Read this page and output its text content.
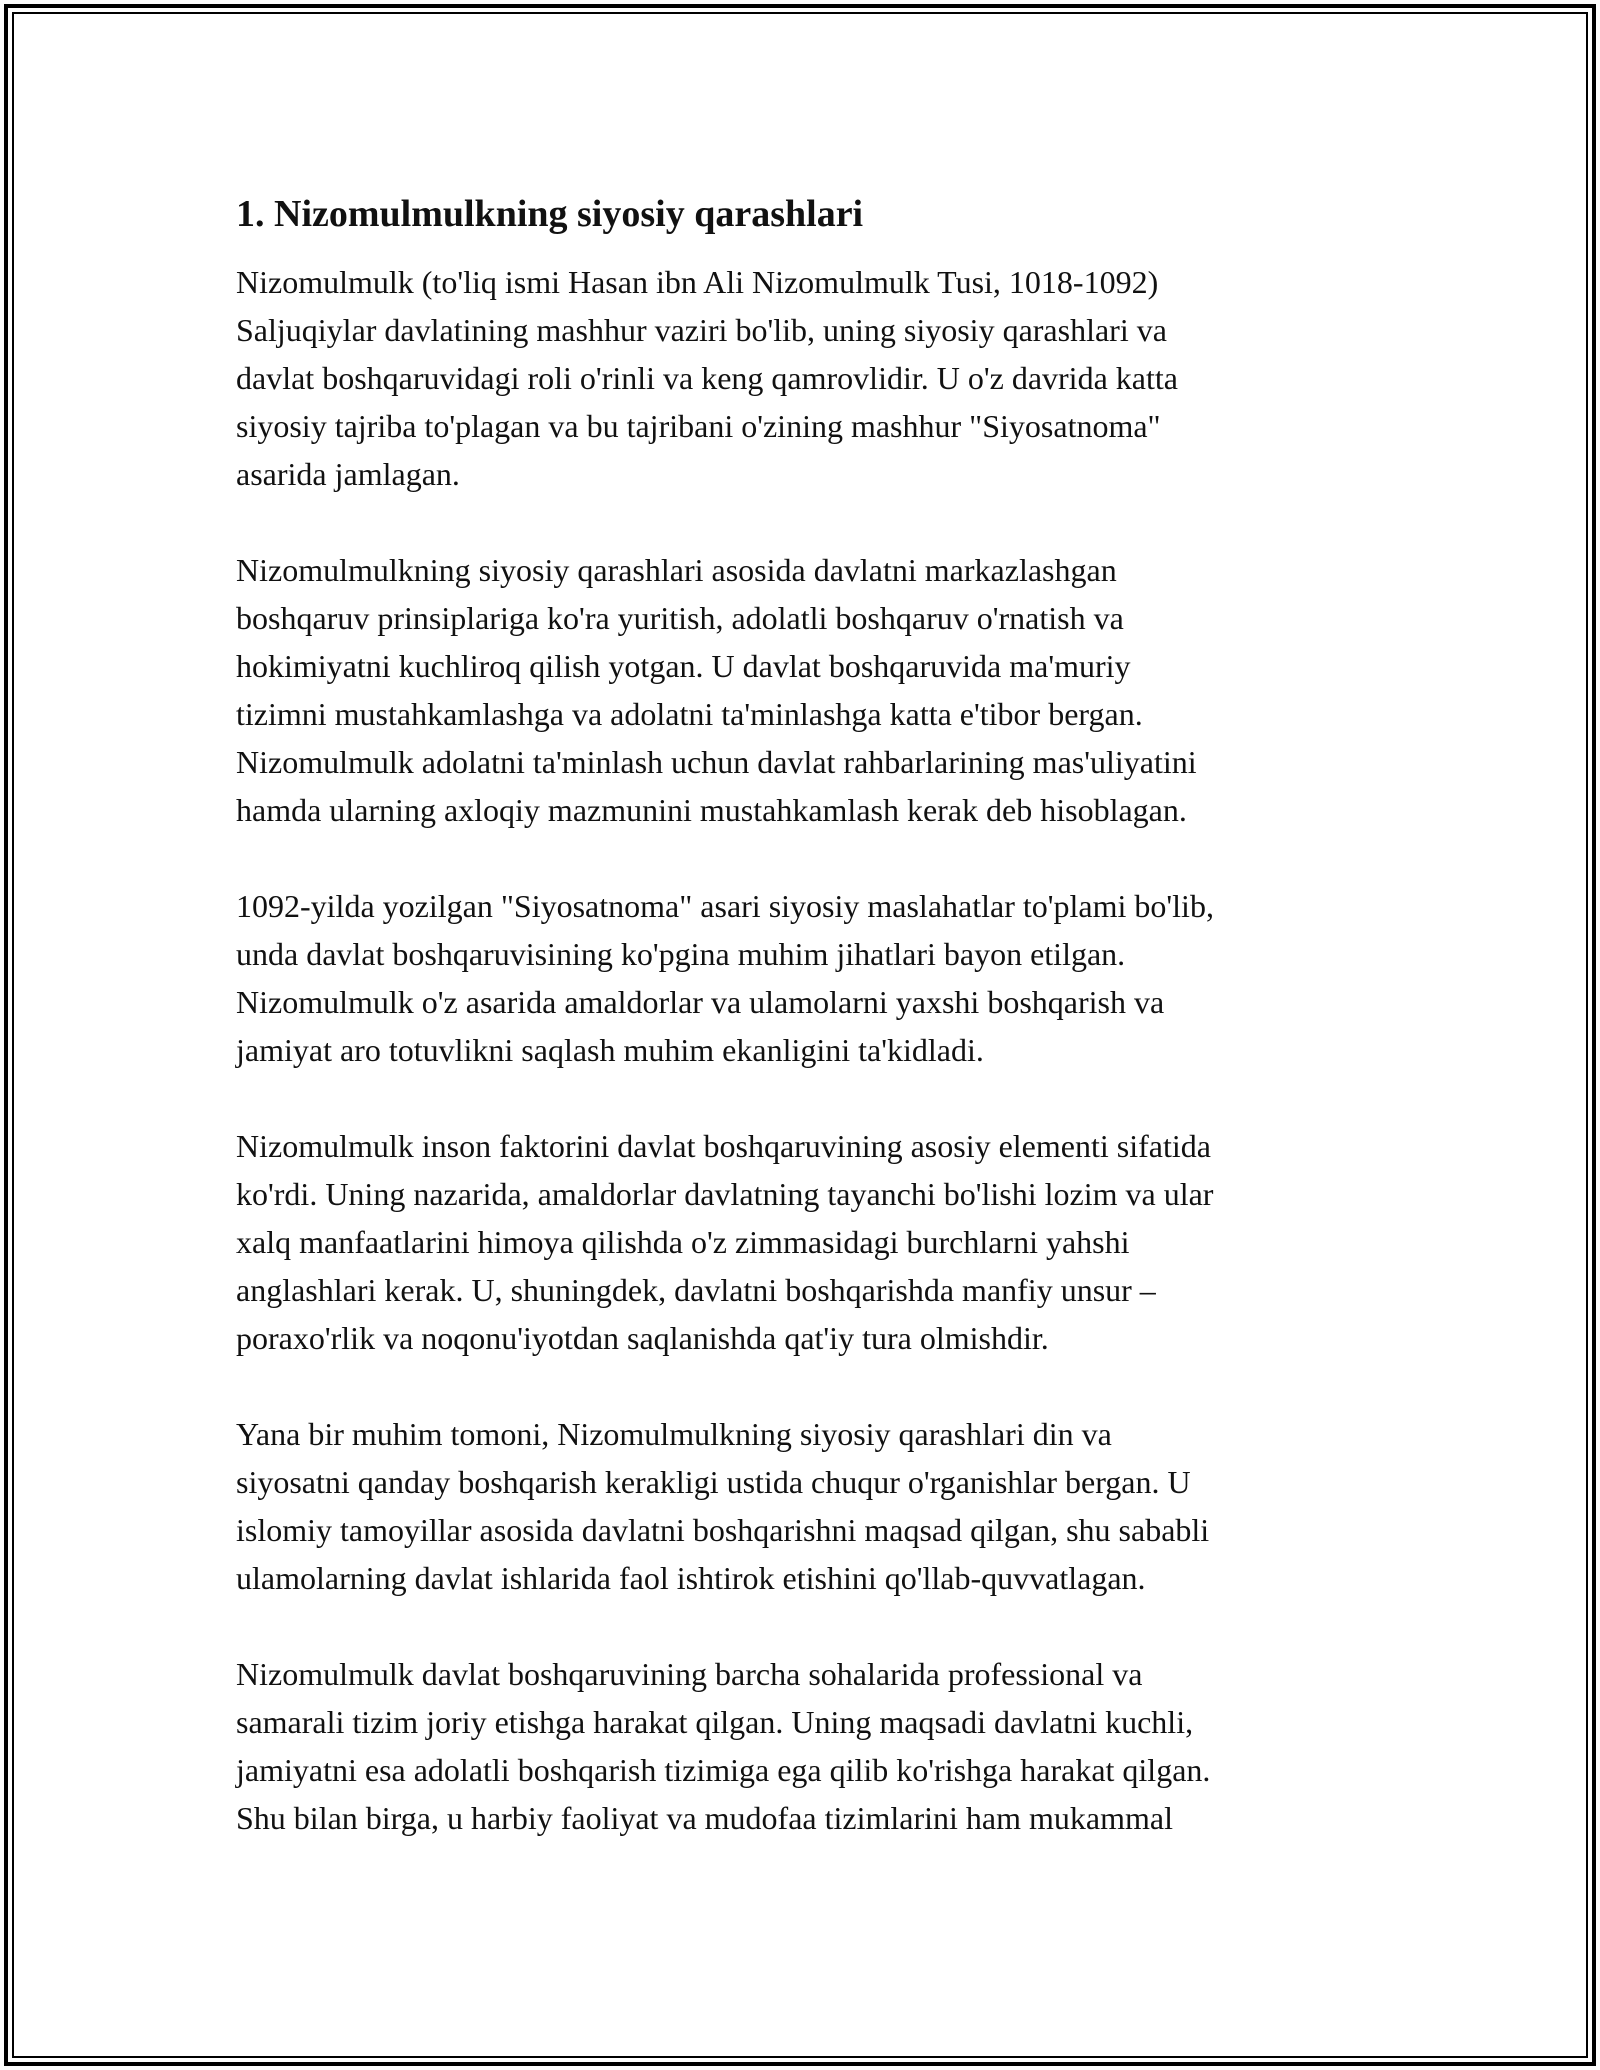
1. Nizomulmulkning siyosiy qarashlari

Nizomulmulk (to'liq ismi Hasan ibn Ali Nizomulmulk Tusi, 1018-1092)
Saljuqiylar davlatining mashhur vaziri bo'lib, uning siyosiy qarashlari va
davlat boshqaruvidagi roli o'rinli va keng qamrovlidir. U o'z davrida katta
siyosiy tajriba to'plagan va bu tajribani o'zining mashhur "Siyosatnoma"
asarida jamlagan.

Nizomulmulkning siyosiy qarashlari asosida davlatni markazlashgan
boshqaruv prinsiplariga ko'ra yuritish, adolatli boshqaruv o'rnatish va
hokimiyatni kuchliroq qilish yotgan. U davlat boshqaruvida ma'muriy
tizimni mustahkamlashga va adolatni ta'minlashga katta e'tibor bergan.
Nizomulmulk adolatni ta'minlash uchun davlat rahbarlarining mas'uliyatini
hamda ularning axloqiy mazmunini mustahkamlash kerak deb hisoblagan.

1092-yilda yozilgan "Siyosatnoma" asari siyosiy maslahatlar to'plami bo'lib,
unda davlat boshqaruvisining ko'pgina muhim jihatlari bayon etilgan.
Nizomulmulk o'z asarida amaldorlar va ulamolarni yaxshi boshqarish va
jamiyat aro totuvlikni saqlash muhim ekanligini ta'kidladi.

Nizomulmulk inson faktorini davlat boshqaruvining asosiy elementi sifatida
ko'rdi. Uning nazarida, amaldorlar davlatning tayanchi bo'lishi lozim va ular
xalq manfaatlarini himoya qilishda o'z zimmasidagi burchlarni yahshi
anglashlari kerak. U, shuningdek, davlatni boshqarishda manfiy unsur –
poraxo'rlik va noqonu'iyotdan saqlanishda qat'iy tura olmishdir.

Yana bir muhim tomoni, Nizomulmulkning siyosiy qarashlari din va
siyosatni qanday boshqarish kerakligi ustida chuqur o'rganishlar bergan. U
islomiy tamoyillar asosida davlatni boshqarishni maqsad qilgan, shu sababli
ulamolarning davlat ishlarida faol ishtirok etishini qo'llab-quvvatlagan.

Nizomulmulk davlat boshqaruvining barcha sohalarida professional va
samarali tizim joriy etishga harakat qilgan. Uning maqsadi davlatni kuchli,
jamiyatni esa adolatli boshqarish tizimiga ega qilib ko'rishga harakat qilgan.
Shu bilan birga, u harbiy faoliyat va mudofaa tizimlarini ham mukammal
